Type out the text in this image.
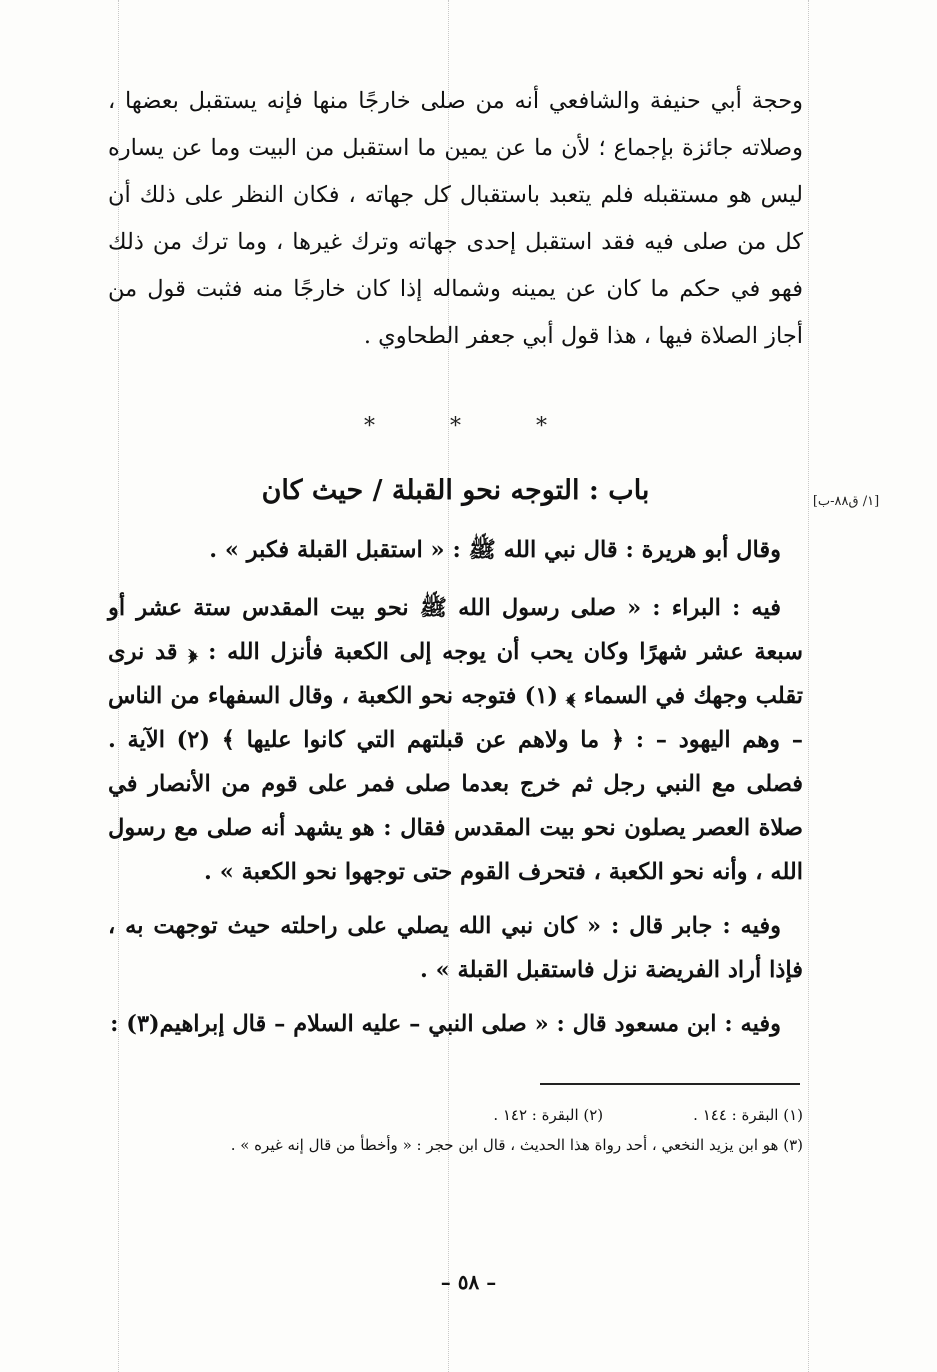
وحجة أبي حنيفة والشافعي أنه من صلى خارجًا منها فإنه يستقبل بعضها ، وصلاته جائزة بإجماع ؛ لأن ما عن يمين ما استقبل من البيت وما عن يساره ليس هو مستقبله فلم يتعبد باستقبال كل جهاته ، فكان النظر على ذلك أن كل من صلى فيه فقد استقبل إحدى جهاته وترك غيرها ، وما ترك من ذلك فهو في حكم ما كان عن يمينه وشماله إذا كان خارجًا منه فثبت قول من أجاز الصلاة فيها ، هذا قول أبي جعفر الطحاوي .
* * *
باب : التوجه نحو القبلة / حيث كان	[١/ ق٨٨-ب]

وقال أبو هريرة : قال نبي الله ﷺ : « استقبل القبلة فكبر » .

فيه : البراء : « صلى رسول الله ﷺ نحو بيت المقدس ستة عشر أو سبعة عشر شهرًا وكان يحب أن يوجه إلى الكعبة فأنزل الله : ﴿ قد نرى تقلب وجهك في السماء ﴾ (١) فتوجه نحو الكعبة ، وقال السفهاء من الناس – وهم اليهود – : ﴿ ما ولاهم عن قبلتهم التي كانوا عليها ﴾ (٢) الآية . فصلى مع النبي رجل ثم خرج بعدما صلى فمر على قوم من الأنصار في صلاة العصر يصلون نحو بيت المقدس فقال : هو يشهد أنه صلى مع رسول الله ، وأنه نحو الكعبة ، فتحرف القوم حتى توجهوا نحو الكعبة » .

وفيه : جابر قال : « كان نبي الله يصلي على راحلته حيث توجهت به ، فإذا أراد الفريضة نزل فاستقبل القبلة » .

وفيه : ابن مسعود قال : « صلى النبي – عليه السلام – قال إبراهيم(٣) :

(١) البقرة : ١٤٤ .
(٢) البقرة : ١٤٢ .
(٣) هو ابن يزيد النخعي ، أحد رواة هذا الحديث ، قال ابن حجر : « وأخطأ من قال إنه غيره » .
– ٥٨ –
